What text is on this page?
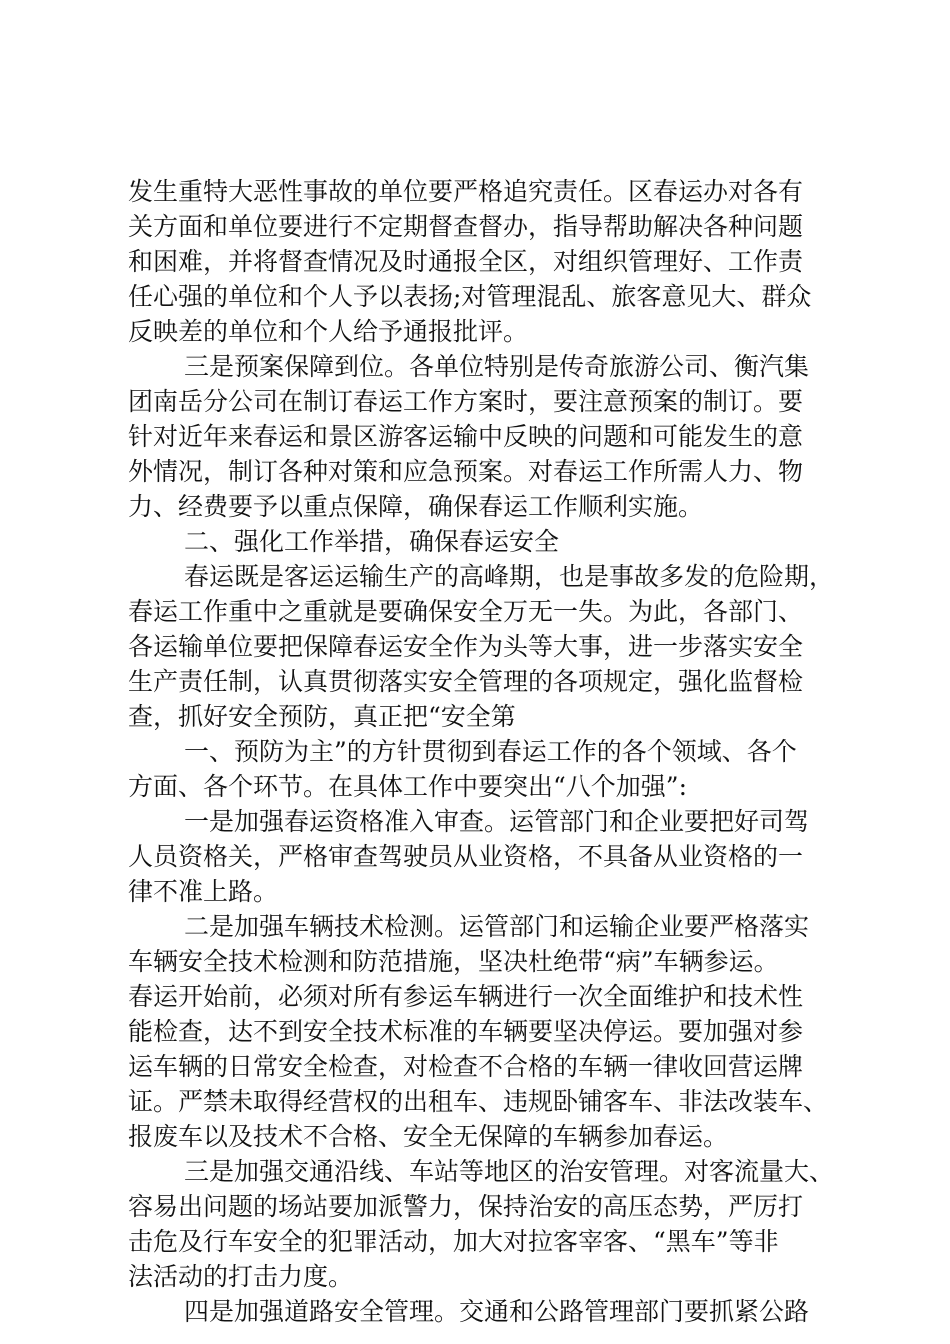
发生重特大恶性事故的单位要严格追究责任。区春运办对各有
关方面和单位要进行不定期督查督办，指导帮助解决各种问题
和困难，并将督查情况及时通报全区，对组织管理好、工作责
任心强的单位和个人予以表扬;对管理混乱、旅客意见大、群众
反映差的单位和个人给予通报批评。
三是预案保障到位。各单位特别是传奇旅游公司、衡汽集
团南岳分公司在制订春运工作方案时，要注意预案的制订。要
针对近年来春运和景区游客运输中反映的问题和可能发生的意
外情况，制订各种对策和应急预案。对春运工作所需人力、物
力、经费要予以重点保障，确保春运工作顺利实施。
二、强化工作举措，确保春运安全
春运既是客运运输生产的高峰期，也是事故多发的危险期，
春运工作重中之重就是要确保安全万无一失。为此，各部门、
各运输单位要把保障春运安全作为头等大事，进一步落实安全
生产责任制，认真贯彻落实安全管理的各项规定，强化监督检
查，抓好安全预防，真正把“安全第
一、预防为主”的方针贯彻到春运工作的各个领域、各个
方面、各个环节。在具体工作中要突出“八个加强”:
一是加强春运资格准入审查。运管部门和企业要把好司驾
人员资格关，严格审查驾驶员从业资格，不具备从业资格的一
律不准上路。
二是加强车辆技术检测。运管部门和运输企业要严格落实
车辆安全技术检测和防范措施，坚决杜绝带“病”车辆参运。
春运开始前，必须对所有参运车辆进行一次全面维护和技术性
能检查，达不到安全技术标准的车辆要坚决停运。要加强对参
运车辆的日常安全检查，对检查不合格的车辆一律收回营运牌
证。严禁未取得经营权的出租车、违规卧铺客车、非法改装车、
报废车以及技术不合格、安全无保障的车辆参加春运。
三是加强交通沿线、车站等地区的治安管理。对客流量大、
容易出问题的场站要加派警力，保持治安的高压态势，严厉打
击危及行车安全的犯罪活动，加大对拉客宰客、“黑车”等非
法活动的打击力度。
四是加强道路安全管理。交通和公路管理部门要抓紧公路
